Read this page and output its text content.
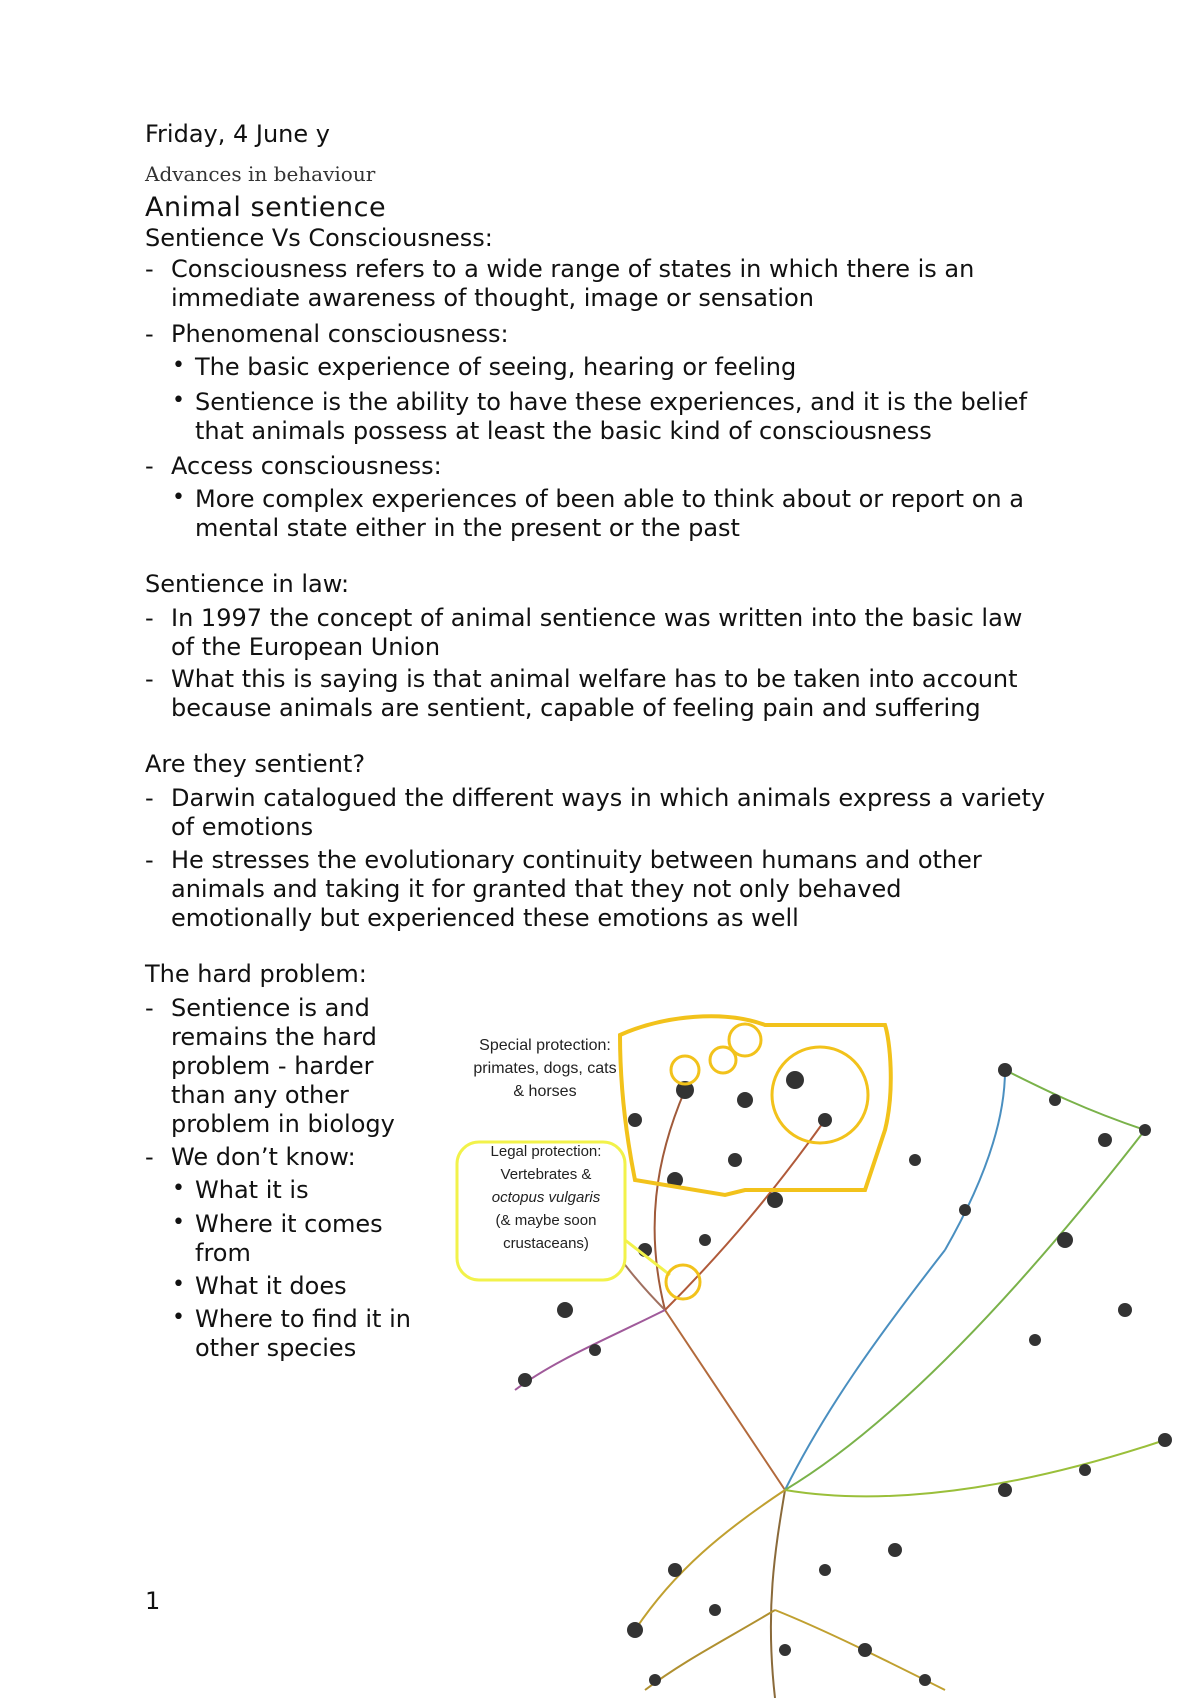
Friday, 4 June y
Advances in behaviour
Animal sentience
Sentience Vs Consciousness:
- Consciousness refers to a wide range of states in which there is an
immediate awareness of thought, image or sensation
- Phenomenal consciousness:
• The basic experience of seeing, hearing or feeling
• Sentience is the ability to have these experiences, and it is the belief
that animals possess at least the basic kind of consciousness
- Access consciousness:
• More complex experiences of been able to think about or report on a
mental state either in the present or the past
Sentience in law:
- In 1997 the concept of animal sentience was written into the basic law
of the European Union
- What this is saying is that animal welfare has to be taken into account
because animals are sentient, capable of feeling pain and suffering
Are they sentient?
- Darwin catalogued the different ways in which animals express a variety
of emotions
- He stresses the evolutionary continuity between humans and other
animals and taking it for granted that they not only behaved
emotionally but experienced these emotions as well
The hard problem:
- Sentience is and
remains the hard
problem - harder
than any other
problem in biology
- We don’t know:
• What it is
• Where it comes
from
• What it does
• Where to find it in
other species
Special protection:
primates, dogs, cats
& horses
Legal protection:
Vertebrates &
octopus vulgaris
(& maybe soon
crustaceans)
1
